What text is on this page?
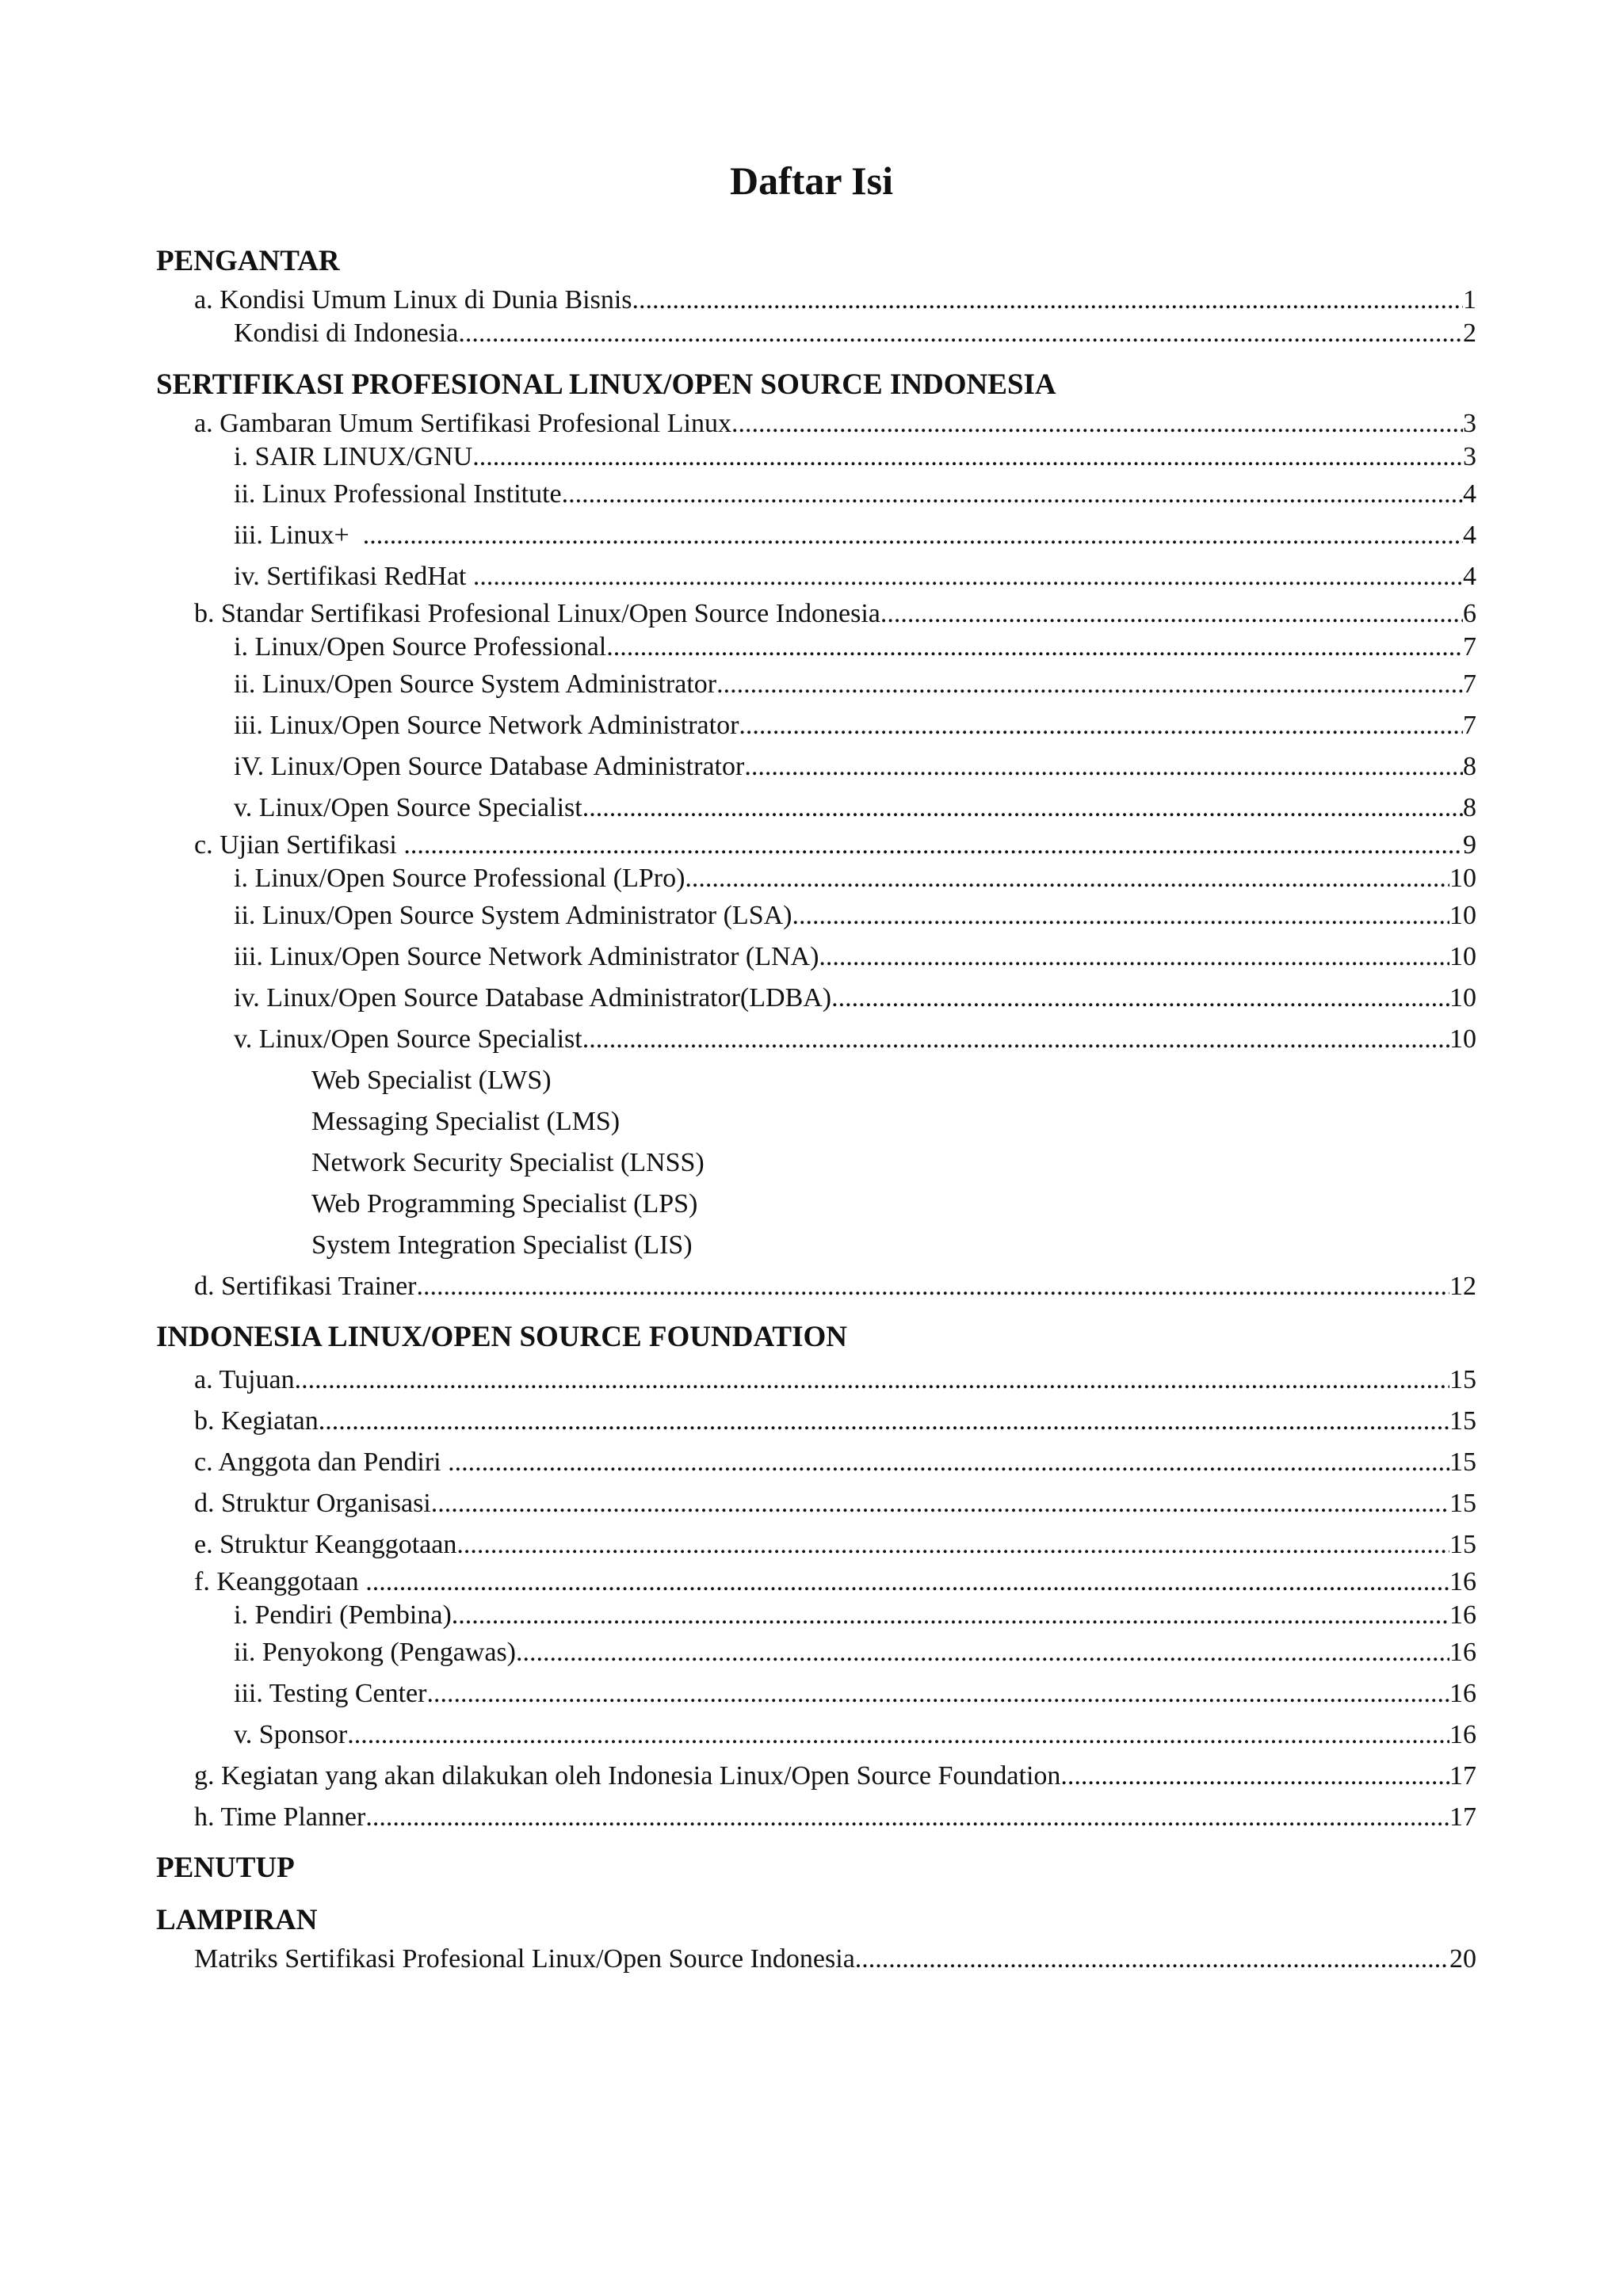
Daftar Isi
PENGANTAR
a. Kondisi Umum Linux di Dunia Bisnis .....	1
Kondisi di Indonesia .....	2
SERTIFIKASI PROFESIONAL LINUX/OPEN SOURCE INDONESIA
a. Gambaran Umum Sertifikasi Profesional Linux .....	3
i. SAIR LINUX/GNU .....	3
ii. Linux Professional Institute .....	4
iii. Linux+ .....	4
iv. Sertifikasi RedHat .....	4
b. Standar Sertifikasi Profesional Linux/Open Source Indonesia .....	6
i. Linux/Open Source Professional .....	7
ii. Linux/Open Source System Administrator .....	7
iii. Linux/Open Source Network Administrator .....	7
iV. Linux/Open Source Database Administrator .....	8
v. Linux/Open Source Specialist .....	8
c. Ujian Sertifikasi .....	9
i. Linux/Open Source Professional (LPro) .....	10
ii. Linux/Open Source System Administrator (LSA) .....	10
iii. Linux/Open Source Network Administrator (LNA) .....	10
iv. Linux/Open Source Database Administrator(LDBA) .....	10
v. Linux/Open Source Specialist .....	10
Web Specialist (LWS)
Messaging Specialist (LMS)
Network Security Specialist (LNSS)
Web Programming Specialist (LPS)
System Integration Specialist (LIS)
d. Sertifikasi Trainer .....	12
INDONESIA LINUX/OPEN SOURCE FOUNDATION
a. Tujuan .....	15
b. Kegiatan .....	15
c. Anggota dan Pendiri .....	15
d. Struktur Organisasi .....	15
e. Struktur Keanggotaan .....	15
f. Keanggotaan .....	16
i. Pendiri (Pembina) .....	16
ii. Penyokong (Pengawas) .....	16
iii. Testing Center .....	16
v. Sponsor .....	16
g. Kegiatan yang akan dilakukan oleh Indonesia Linux/Open Source Foundation .....	17
h. Time Planner .....	17
PENUTUP
LAMPIRAN
Matriks Sertifikasi Profesional Linux/Open Source Indonesia .....	20
